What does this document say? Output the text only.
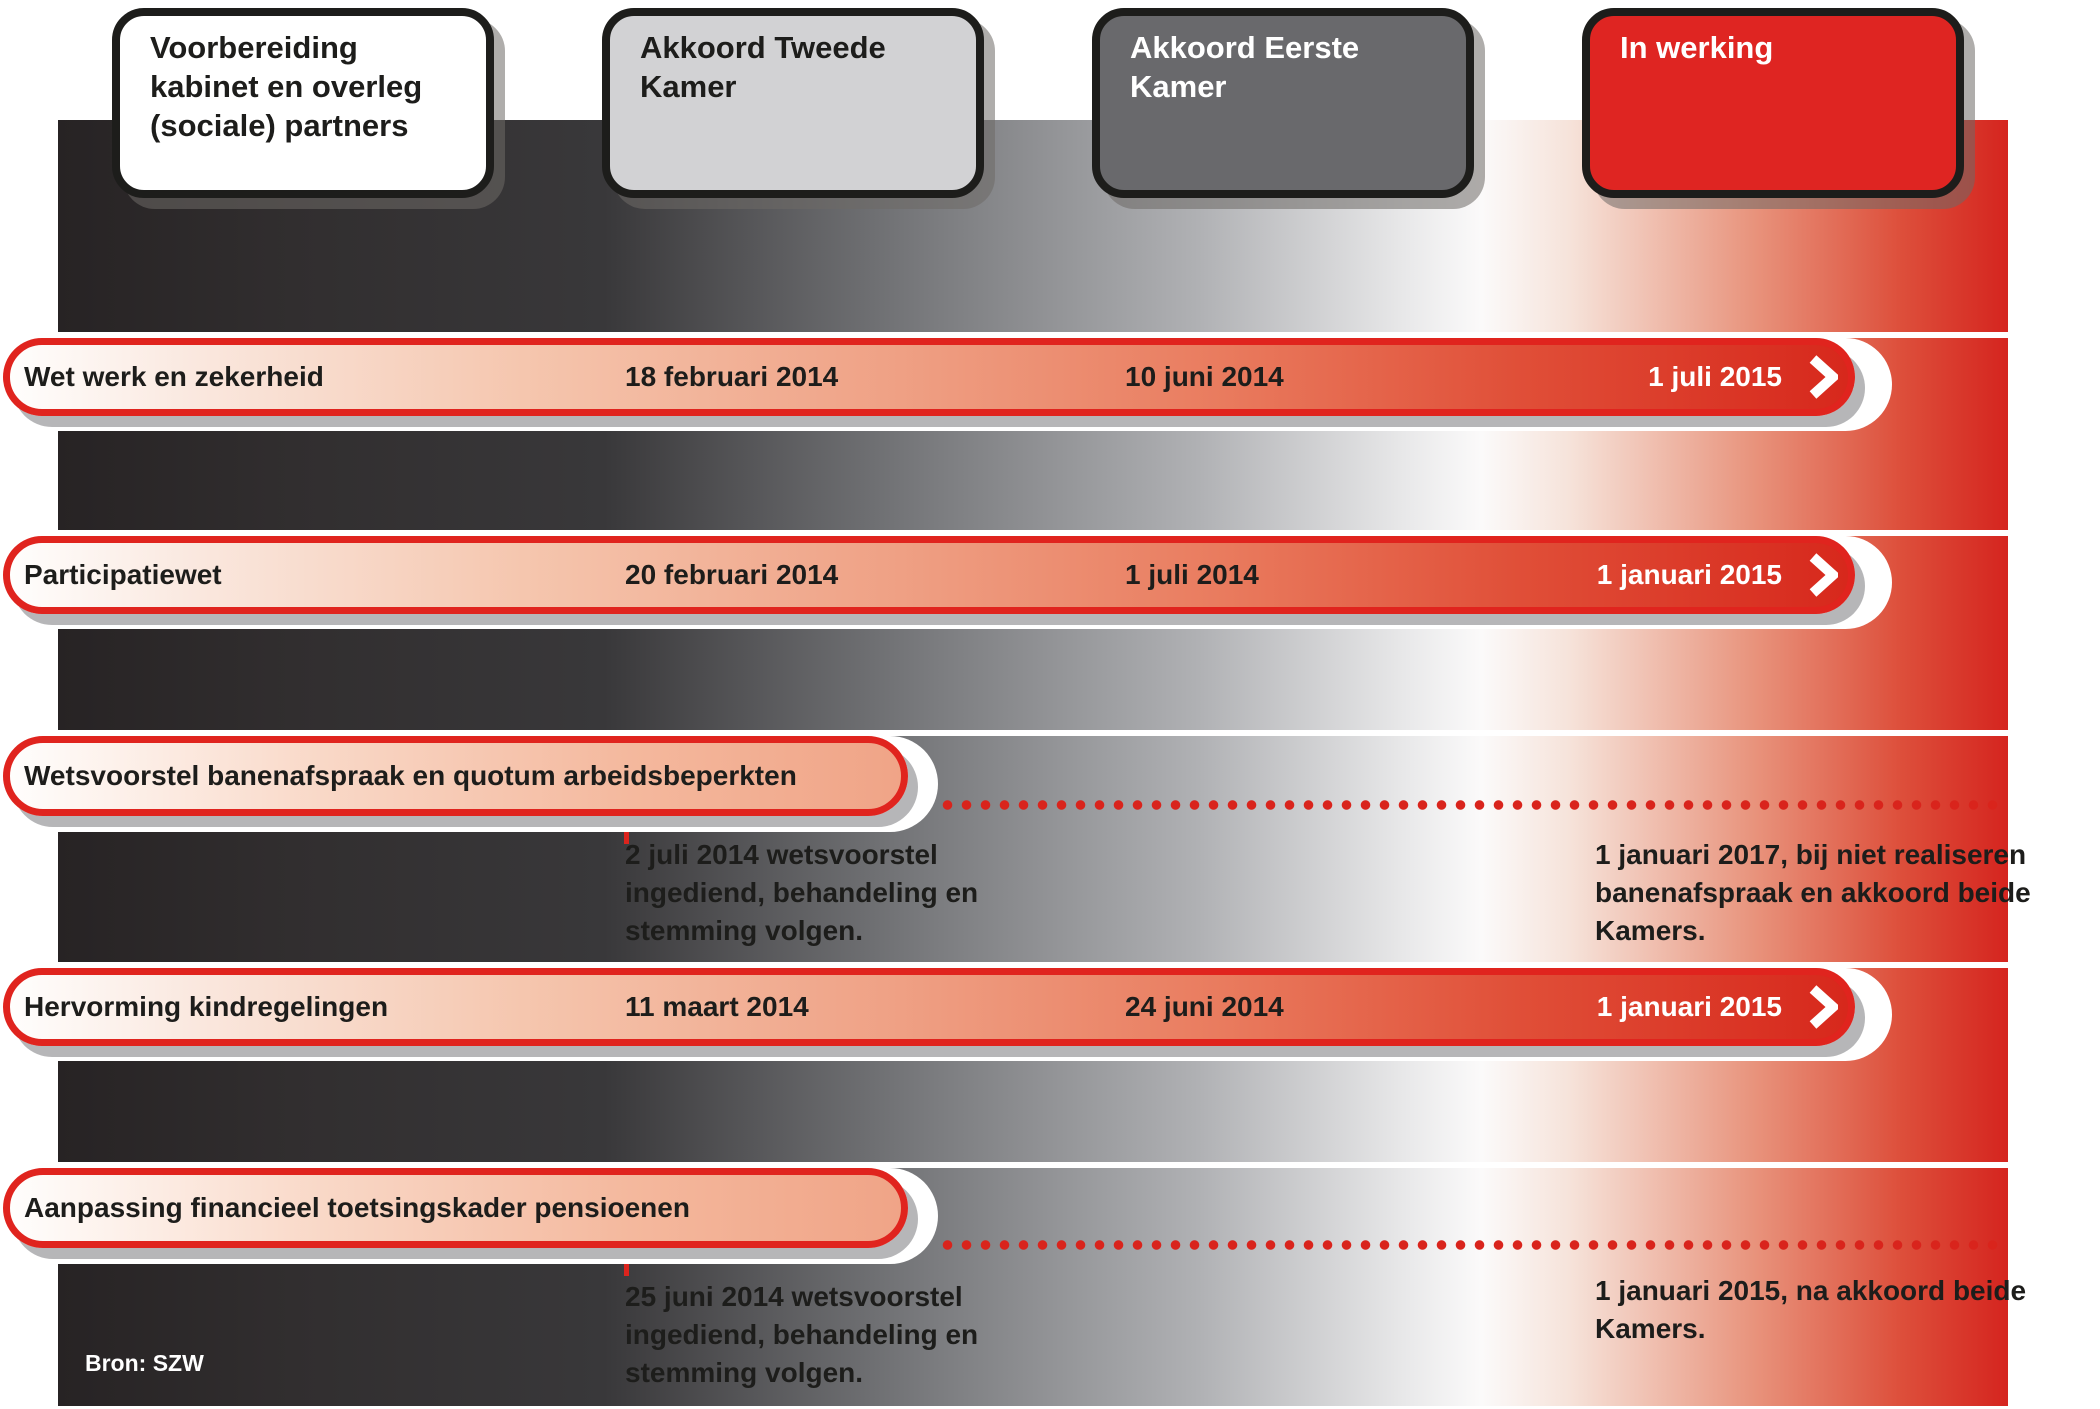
Wet werk en zekerheid	18 februari 2014	10 juni 2014	1 juli 2015
Participatiewet	20 februari 2014	1 juli 2014	1 januari 2015
Wetsvoorstel banenafspraak en quotum arbeidsbeperkten
2 juli 2014 wetsvoorstel ingediend, behandeling en stemming volgen.
1 januari 2017, bij niet realiseren banenafspraak en akkoord beide Kamers.
Hervorming kindregelingen	11 maart 2014	24 juni 2014	1 januari 2015
Aanpassing financieel toetsingskader pensioenen
25 juni 2014 wetsvoorstel ingediend, behandeling en stemming volgen.
1 januari 2015, na akkoord beide Kamers.
Voorbereiding kabinet en overleg (sociale) partners
Akkoord Tweede Kamer
Akkoord Eerste Kamer
In werking
Bron: SZW
